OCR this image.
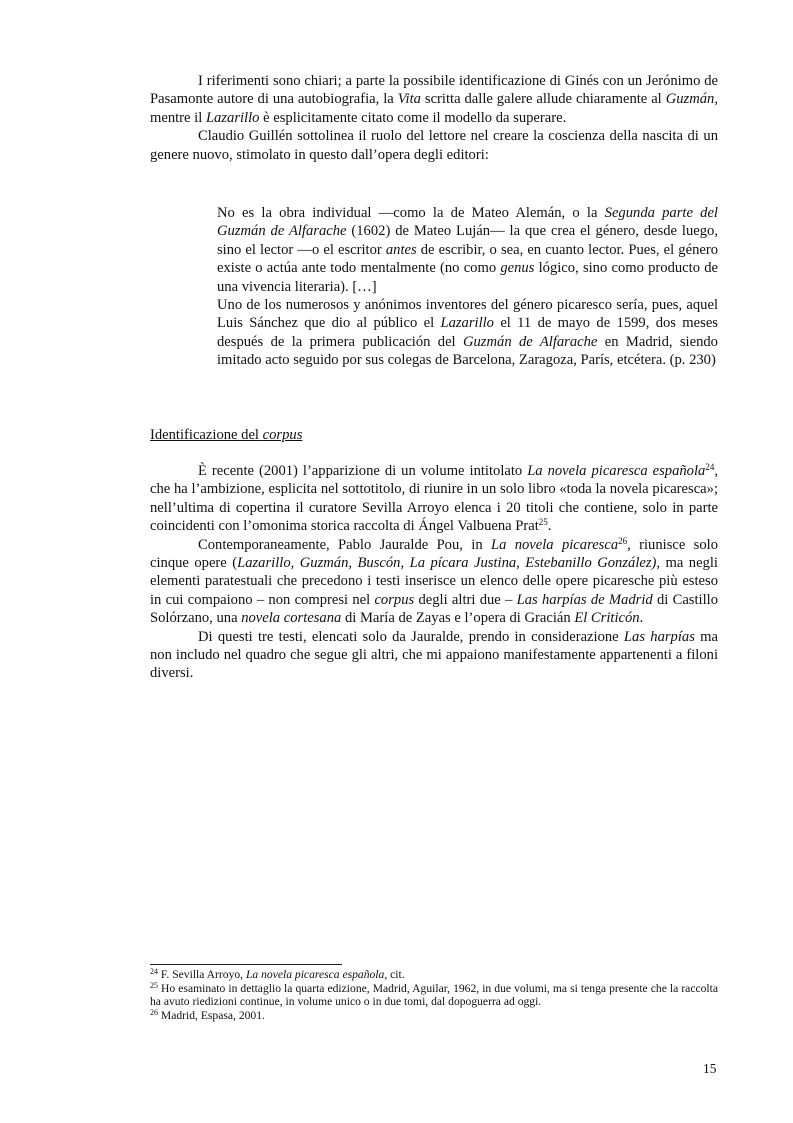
I riferimenti sono chiari; a parte la possibile identificazione di Ginés con un Jerónimo de Pasamonte autore di una autobiografia, la Vita scritta dalle galere allude chiaramente al Guzmán, mentre il Lazarillo è esplicitamente citato come il modello da superare.

Claudio Guillén sottolinea il ruolo del lettore nel creare la coscienza della nascita di un genere nuovo, stimolato in questo dall’opera degli editori:

No es la obra individual —como la de Mateo Alemán, o la Segunda parte del Guzmán de Alfarache (1602) de Mateo Luján— la que crea el género, desde luego, sino el lector —o el escritor antes de escribir, o sea, en cuanto lector. Pues, el género existe o actúa ante todo mentalmente (no como genus lógico, sino como producto de una vivencia literaria). […]

Uno de los numerosos y anónimos inventores del género picaresco sería, pues, aquel Luis Sánchez que dio al público el Lazarillo el 11 de mayo de 1599, dos meses después de la primera publicación del Guzmán de Alfarache en Madrid, siendo imitado acto seguido por sus colegas de Barcelona, Zaragoza, París, etcétera. (p. 230)

Identificazione del corpus

È recente (2001) l’apparizione di un volume intitolato La novela picaresca española$^{24}$, che ha l’ambizione, esplicita nel sottotitolo, di riunire in un solo libro «toda la novela picaresca»; nell’ultima di copertina il curatore Sevilla Arroyo elenca i 20 titoli che contiene, solo in parte coincidenti con l’omonima storica raccolta di Ángel Valbuena Prat$^{25}$.

Contemporaneamente, Pablo Jauralde Pou, in La novela picaresca$^{26}$, riunisce solo cinque opere (Lazarillo, Guzmán, Buscón, La pícara Justina, Estebanillo González), ma negli elementi paratestuali che precedono i testi inserisce un elenco delle opere picaresche più esteso in cui compaiono – non compresi nel corpus degli altri due – Las harpías de Madrid di Castillo Solórzano, una novela cortesana di María de Zayas e l’opera di Gracián El Criticón.

Di questi tre testi, elencati solo da Jauralde, prendo in considerazione Las harpías ma non includo nel quadro che segue gli altri, che mi appaiono manifestamente appartenenti a filoni diversi.

$^{24}$ F. Sevilla Arroyo, La novela picaresca española, cit.

$^{25}$ Ho esaminato in dettaglio la quarta edizione, Madrid, Aguilar, 1962, in due volumi, ma si tenga presente che la raccolta ha avuto riedizioni continue, in volume unico o in due tomi, dal dopoguerra ad oggi.

$^{26}$ Madrid, Espasa, 2001.

15
